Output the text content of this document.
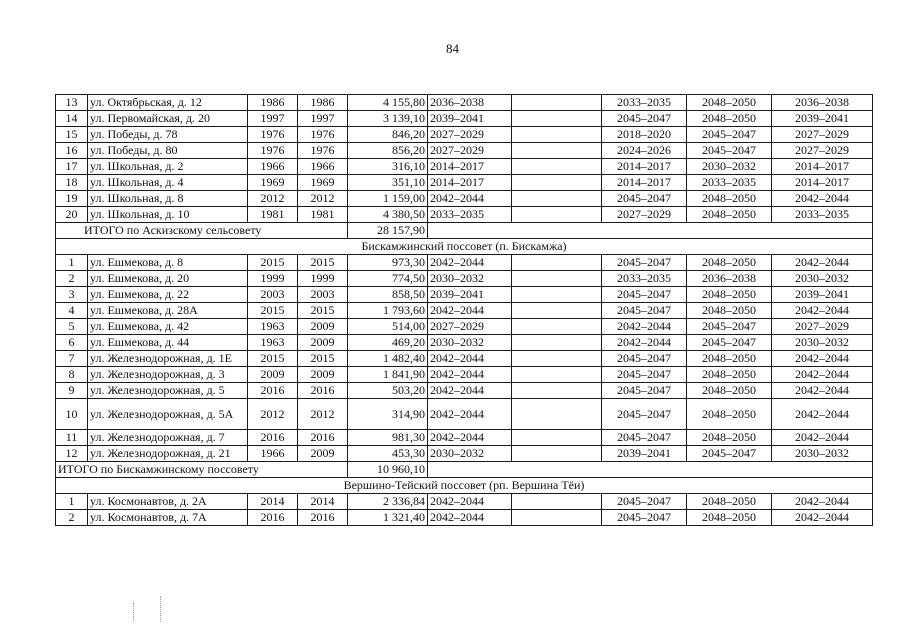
84
13	ул. Октябрьская, д. 12	1986	1986	4 155,80	2036–2038		2033–2035	2048–2050	2036–2038
14	ул. Первомайская, д. 20	1997	1997	3 139,10	2039–2041		2045–2047	2048–2050	2039–2041
15	ул. Победы, д. 78	1976	1976	846,20	2027–2029		2018–2020	2045–2047	2027–2029
16	ул. Победы, д. 80	1976	1976	856,20	2027–2029		2024–2026	2045–2047	2027–2029
17	ул. Школьная, д. 2	1966	1966	316,10	2014–2017		2014–2017	2030–2032	2014–2017
18	ул. Школьная, д. 4	1969	1969	351,10	2014–2017		2014–2017	2033–2035	2014–2017
19	ул. Школьная, д. 8	2012	2012	1 159,00	2042–2044		2045–2047	2048–2050	2042–2044
20	ул. Школьная, д. 10	1981	1981	4 380,50	2033–2035		2027–2029	2048–2050	2033–2035
ИТОГО по Аскизскому сельсовету				28 157,90					
Бискамжинский поссовет (п. Бискамжа)									
1	ул. Ешмекова, д. 8	2015	2015	973,30	2042–2044		2045–2047	2048–2050	2042–2044
2	ул. Ешмекова, д. 20	1999	1999	774,50	2030–2032		2033–2035	2036–2038	2030–2032
3	ул. Ешмекова, д. 22	2003	2003	858,50	2039–2041		2045–2047	2048–2050	2039–2041
4	ул. Ешмекова, д. 28А	2015	2015	1 793,60	2042–2044		2045–2047	2048–2050	2042–2044
5	ул. Ешмекова, д. 42	1963	2009	514,00	2027–2029		2042–2044	2045–2047	2027–2029
6	ул. Ешмекова, д. 44	1963	2009	469,20	2030–2032		2042–2044	2045–2047	2030–2032
7	ул. Железнодорожная, д. 1Е	2015	2015	1 482,40	2042–2044		2045–2047	2048–2050	2042–2044
8	ул. Железнодорожная, д. 3	2009	2009	1 841,90	2042–2044		2045–2047	2048–2050	2042–2044
9	ул. Железнодорожная, д. 5	2016	2016	503,20	2042–2044		2045–2047	2048–2050	2042–2044
10	ул. Железнодорожная, д. 5А	2012	2012	314,90	2042–2044		2045–2047	2048–2050	2042–2044
11	ул. Железнодорожная, д. 7	2016	2016	981,30	2042–2044		2045–2047	2048–2050	2042–2044
12	ул. Железнодорожная, д. 21	1966	2009	453,30	2030–2032		2039–2041	2045–2047	2030–2032
ИТОГО по Бискамжинскому поссовету				10 960,10					
Вершино-Тейский поссовет (рп. Вершина Тёи)									
1	ул. Космонавтов, д. 2А	2014	2014	2 336,84	2042–2044		2045–2047	2048–2050	2042–2044
2	ул. Космонавтов, д. 7А	2016	2016	1 321,40	2042–2044		2045–2047	2048–2050	2042–2044
